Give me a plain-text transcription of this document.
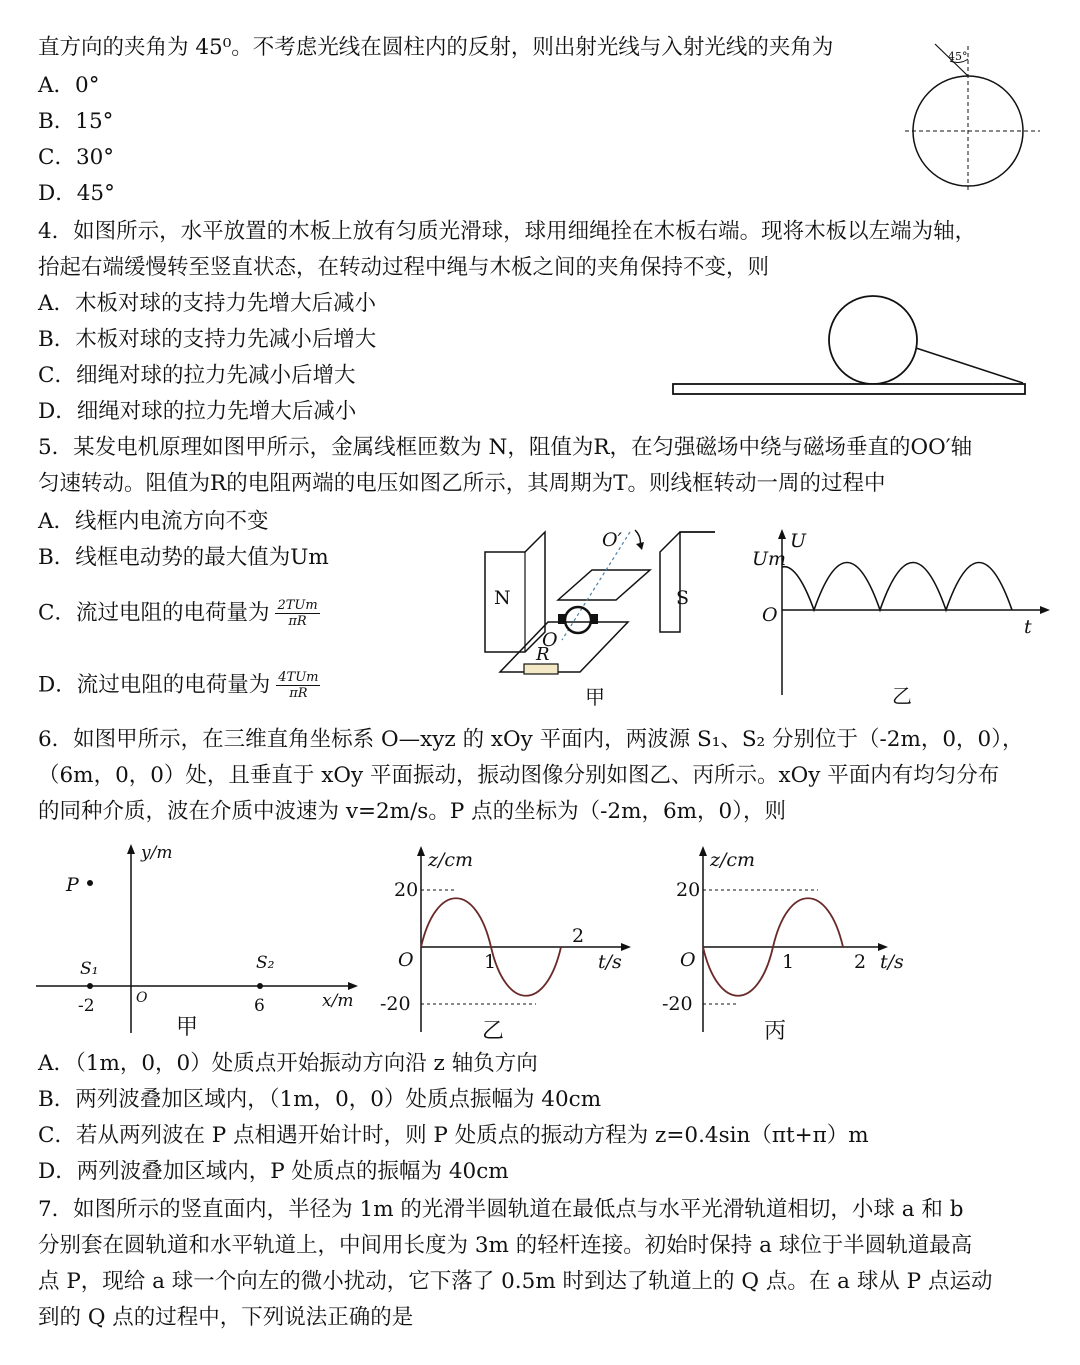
直方向的夹角为 45⁰。不考虑光线在圆柱内的反射，则出射光线与入射光线的夹角为
A．0°
B．15°
C．30°
D．45°
45°
4．如图所示，水平放置的木板上放有匀质光滑球，球用细绳拴在木板右端。现将木板以左端为轴，
抬起右端缓慢转至竖直状态，在转动过程中绳与木板之间的夹角保持不变，则
A．木板对球的支持力先增大后减小
B．木板对球的支持力先减小后增大
C．细绳对球的拉力先减小后增大
D．细绳对球的拉力先增大后减小
5．某发电机原理如图甲所示，金属线框匝数为 N，阻值为R，在匀强磁场中绕与磁场垂直的OO′轴
匀速转动。阻值为R的电阻两端的电压如图乙所示，其周期为T。则线框转动一周的过程中
A．线框内电流方向不变
B．线框电动势的最大值为Um
C．流过电阻的电荷量为 $\frac{\text{2TUm}}{\pi R}$
D．流过电阻的电荷量为 $\frac{\text{4TUm}}{\pi R}$
N	S
O′
O
R
甲
Um
U
O
t
乙
6．如图甲所示，在三维直角坐标系 O—xyz 的 xOy 平面内，两波源 S₁、S₂ 分别位于（-2m，0，0），
（6m，0，0）处，且垂直于 xOy 平面振动，振动图像分别如图乙、丙所示。xOy 平面内有均匀分布
的同种介质，波在介质中波速为 v=2m/s。P 点的坐标为（-2m，6m，0），则
y/m
x/m
P
S₁	S₂
-2	6
O
甲
z/cm
t/s
20
-20
1
2
O
乙
z/cm
t/s
20
-20
1	2
O
丙
A．（1m，0，0）处质点开始振动方向沿 z 轴负方向
B．两列波叠加区域内，（1m，0，0）处质点振幅为 40cm
C．若从两列波在 P 点相遇开始计时，则 P 处质点的振动方程为 z=0.4sin（πt+π）m
D．两列波叠加区域内，P 处质点的振幅为 40cm
7．如图所示的竖直面内，半径为 1m 的光滑半圆轨道在最低点与水平光滑轨道相切，小球 a 和 b
分别套在圆轨道和水平轨道上，中间用长度为 3m 的轻杆连接。初始时保持 a 球位于半圆轨道最高
点 P，现给 a 球一个向左的微小扰动，它下落了 0.5m 时到达了轨道上的 Q 点。在 a 球从 P 点运动
到的 Q 点的过程中，下列说法正确的是
